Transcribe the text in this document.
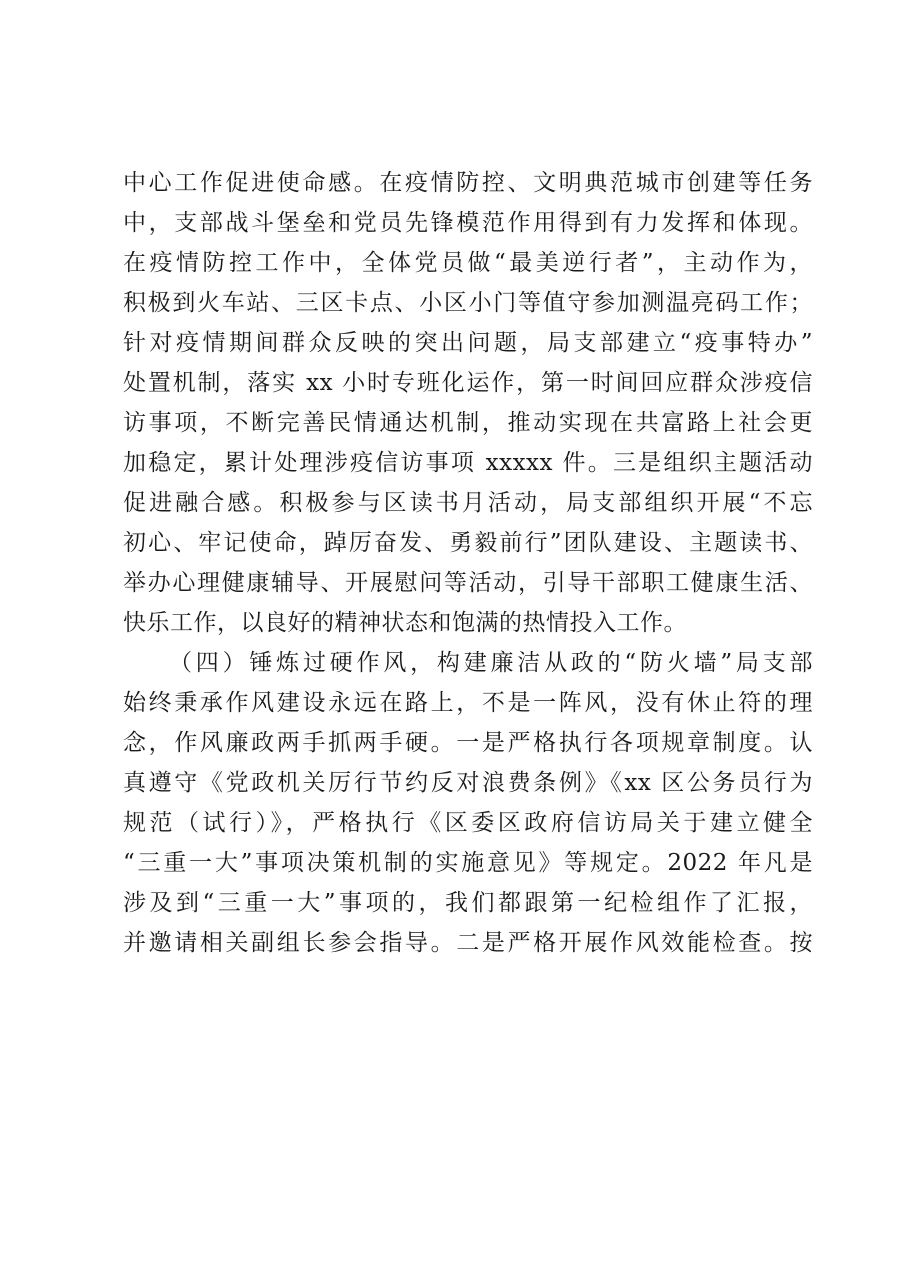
中心工作促进使命感。在疫情防控、文明典范城市创建等任务
中，支部战斗堡垒和党员先锋模范作用得到有力发挥和体现。
在疫情防控工作中，全体党员做“最美逆行者”，主动作为，
积极到火车站、三区卡点、小区小门等值守参加测温亮码工作；
针对疫情期间群众反映的突出问题，局支部建立“疫事特办”
处置机制，落实 xx 小时专班化运作，第一时间回应群众涉疫信
访事项，不断完善民情通达机制，推动实现在共富路上社会更
加稳定，累计处理涉疫信访事项 xxxxx 件。三是组织主题活动
促进融合感。积极参与区读书月活动，局支部组织开展“不忘
初心、牢记使命，踔厉奋发、勇毅前行”团队建设、主题读书、
举办心理健康辅导、开展慰问等活动，引导干部职工健康生活、
快乐工作，以良好的精神状态和饱满的热情投入工作。
（四）锤炼过硬作风，构建廉洁从政的“防火墙”局支部
始终秉承作风建设永远在路上，不是一阵风，没有休止符的理
念，作风廉政两手抓两手硬。一是严格执行各项规章制度。认
真遵守《党政机关厉行节约反对浪费条例》《xx 区公务员行为
规范（试行）》，严格执行《区委区政府信访局关于建立健全
“三重一大”事项决策机制的实施意见》等规定。2022 年凡是
涉及到“三重一大”事项的，我们都跟第一纪检组作了汇报，
并邀请相关副组长参会指导。二是严格开展作风效能检查。按
